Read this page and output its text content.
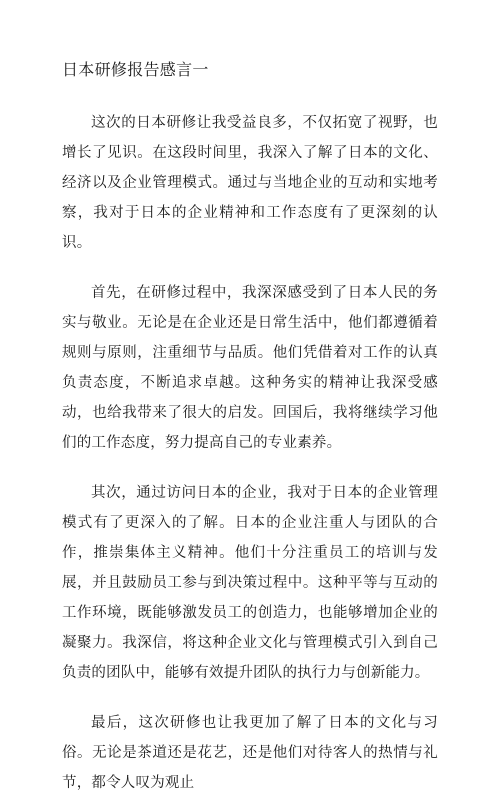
日本研修报告感言一

这次的日本研修让我受益良多，不仅拓宽了视野，也增长了见识。在这段时间里，我深入了解了日本的文化、经济以及企业管理模式。通过与当地企业的互动和实地考察，我对于日本的企业精神和工作态度有了更深刻的认识。

首先，在研修过程中，我深深感受到了日本人民的务实与敬业。无论是在企业还是日常生活中，他们都遵循着规则与原则，注重细节与品质。他们凭借着对工作的认真负责态度，不断追求卓越。这种务实的精神让我深受感动，也给我带来了很大的启发。回国后，我将继续学习他们的工作态度，努力提高自己的专业素养。

其次，通过访问日本的企业，我对于日本的企业管理模式有了更深入的了解。日本的企业注重人与团队的合作，推崇集体主义精神。他们十分注重员工的培训与发展，并且鼓励员工参与到决策过程中。这种平等与互动的工作环境，既能够激发员工的创造力，也能够增加企业的凝聚力。我深信，将这种企业文化与管理模式引入到自己负责的团队中，能够有效提升团队的执行力与创新能力。

最后，这次研修也让我更加了解了日本的文化与习俗。无论是茶道还是花艺，还是他们对待客人的热情与礼节，都令人叹为观止
